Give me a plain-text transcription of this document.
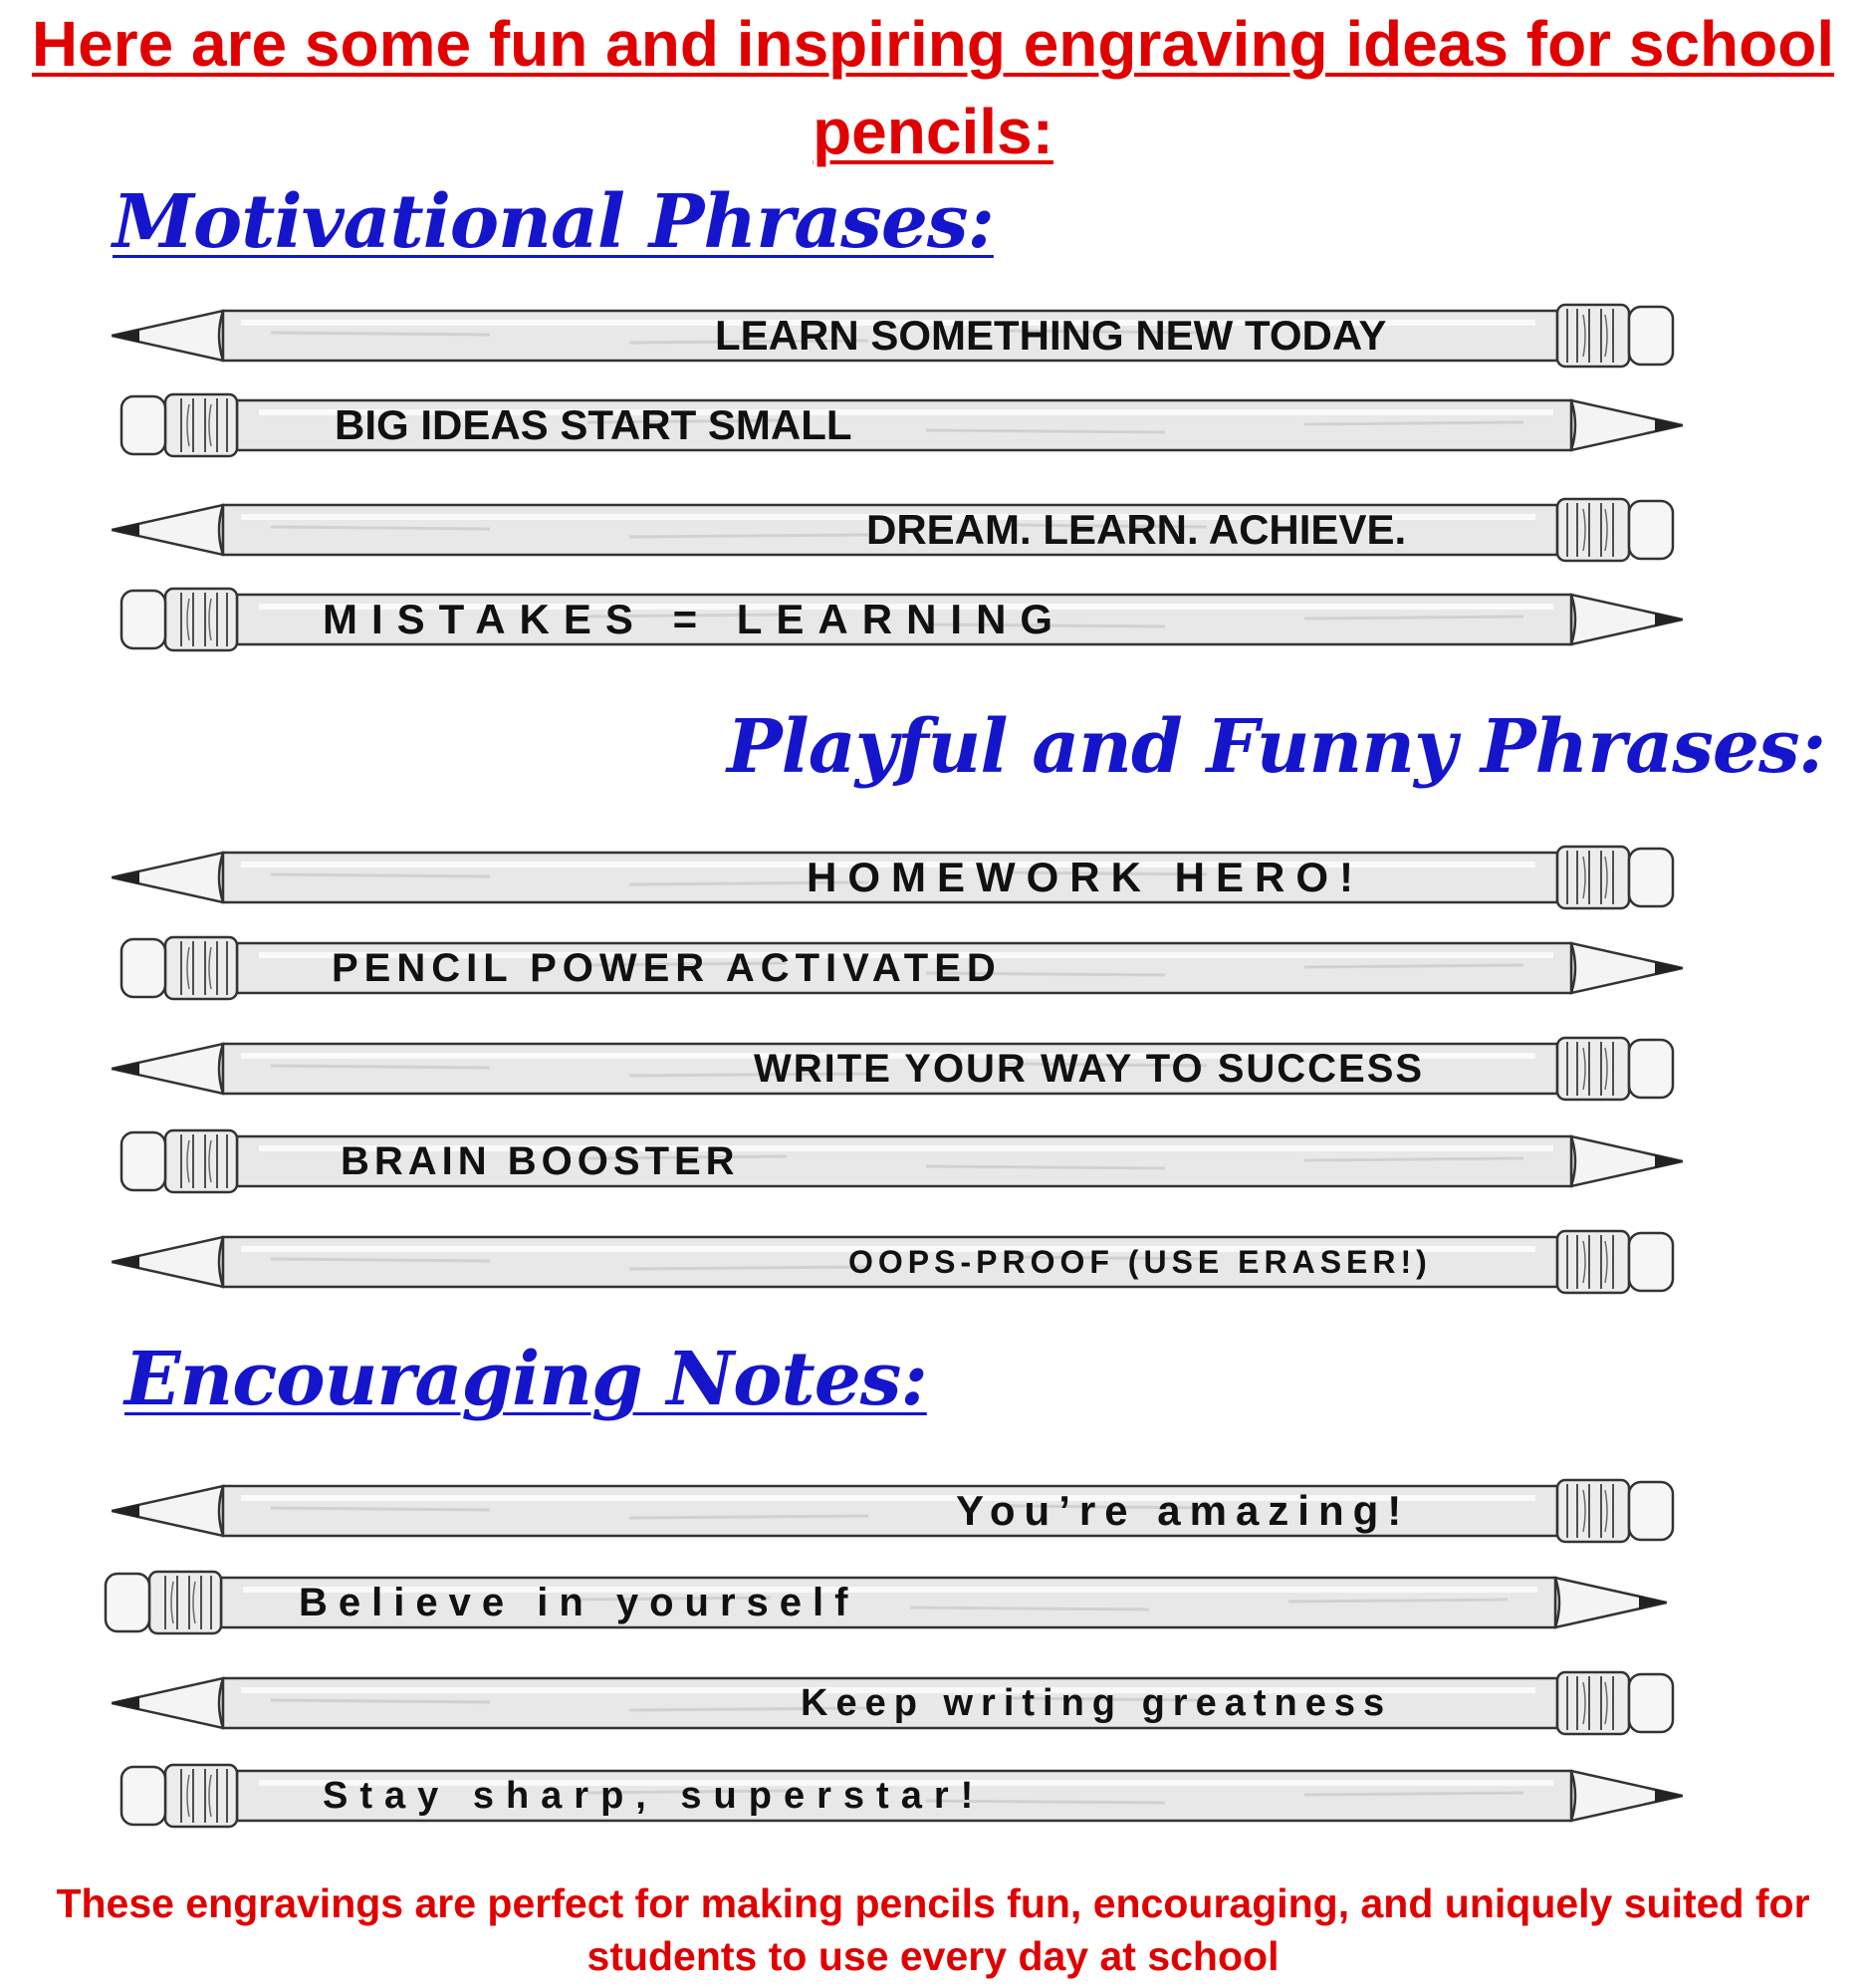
Here are some fun and inspiring engraving ideas for school pencils:
Motivational Phrases:
LEARN SOMETHING NEW TODAY
BIG IDEAS START SMALL
DREAM. LEARN. ACHIEVE.
MISTAKES = LEARNING
Playful and Funny Phrases:
HOMEWORK HERO!
PENCIL POWER ACTIVATED
WRITE YOUR WAY TO SUCCESS
BRAIN BOOSTER
OOPS-PROOF (USE ERASER!)
Encouraging Notes:
You’re amazing!
Believe in yourself
Keep writing greatness
Stay sharp, superstar!

These engravings are perfect for making pencils fun, encouraging, and uniquely suited for students to use every day at school
